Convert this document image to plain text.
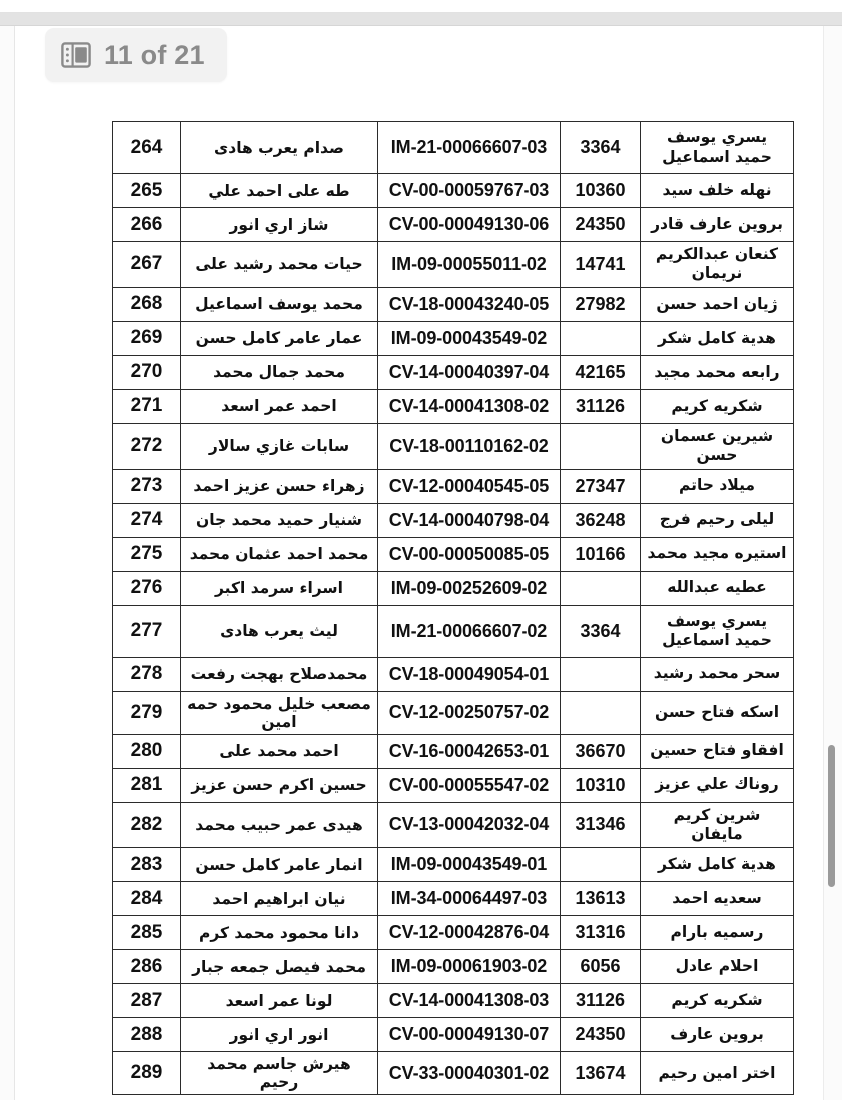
يسري يوسف حميد اسماعيل	3364	IM-21-00066607-03	صدام يعرب هادى	264
نهله خلف سيد	10360	CV-00-00059767-03	طه على احمد علي	265
بروين عارف قادر	24350	CV-00-00049130-06	شاز اري انور	266
كنعان عبدالكريم نريمان	14741	IM-09-00055011-02	حيات محمد رشيد على	267
ژيان احمد حسن	27982	CV-18-00043240-05	محمد يوسف اسماعيل	268
هدية كامل شكر		IM-09-00043549-02	عمار عامر كامل حسن	269
رابعه محمد مجيد	42165	CV-14-00040397-04	محمد جمال محمد	270
شكريه كريم	31126	CV-14-00041308-02	احمد عمر اسعد	271
شيرين عسمان حسن		CV-18-00110162-02	سابات غازي سالار	272
ميلاد حاتم	27347	CV-12-00040545-05	زهراء حسن عزيز احمد	273
ليلى رحيم فرج	36248	CV-14-00040798-04	شنيار حميد محمد جان	274
استيره مجيد محمد	10166	CV-00-00050085-05	محمد احمد عثمان محمد	275
عطيه عبدالله		IM-09-00252609-02	اسراء سرمد اكبر	276
يسري يوسف حميد اسماعيل	3364	IM-21-00066607-02	ليث يعرب هادى	277
سحر محمد رشيد		CV-18-00049054-01	محمدصلاح بهجت رفعت	278
اسكه فتاح حسن		CV-12-00250757-02	مصعب خليل محمود حمه امين	279
افقاو فتاح حسين	36670	CV-16-00042653-01	احمد محمد على	280
روناك علي عزيز	10310	CV-00-00055547-02	حسين اكرم حسن عزيز	281
شرين كريم مايفان	31346	CV-13-00042032-04	هيدى عمر حبيب محمد	282
هدية كامل شكر		IM-09-00043549-01	انمار عامر كامل حسن	283
سعديه احمد	13613	IM-34-00064497-03	نيان ابراهيم احمد	284
رسميه بارام	31316	CV-12-00042876-04	دانا محمود محمد كرم	285
احلام عادل	6056	IM-09-00061903-02	محمد فيصل جمعه جبار	286
شكريه كريم	31126	CV-14-00041308-03	لونا عمر اسعد	287
بروين عارف	24350	CV-00-00049130-07	انور اري انور	288
اختر امين رحيم	13674	CV-33-00040301-02	هيرش جاسم محمد رحيم	289
11 of 21
